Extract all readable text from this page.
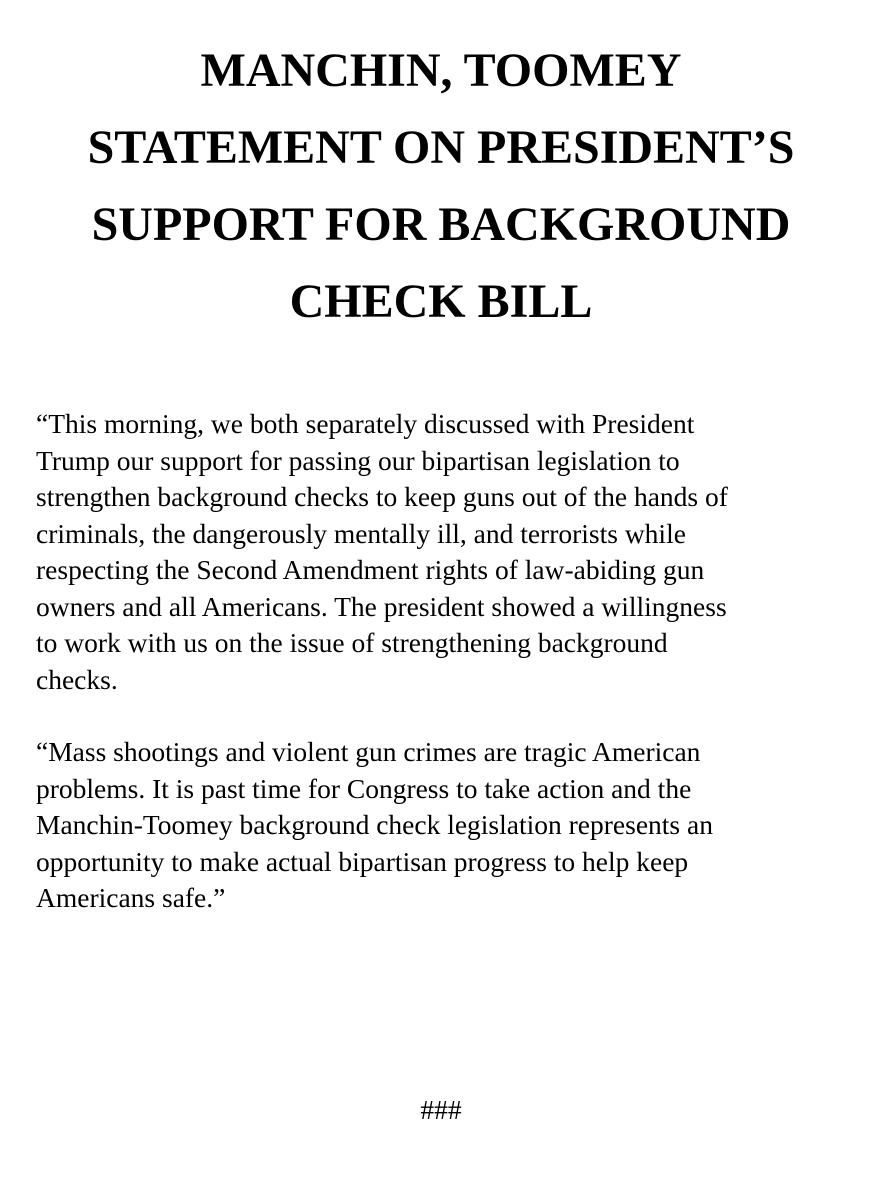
MANCHIN, TOOMEY
STATEMENT ON PRESIDENT’S
SUPPORT FOR BACKGROUND
CHECK BILL

“This morning, we both separately discussed with President
Trump our support for passing our bipartisan legislation to
strengthen background checks to keep guns out of the hands of
criminals, the dangerously mentally ill, and terrorists while
respecting the Second Amendment rights of law-abiding gun
owners and all Americans. The president showed a willingness
to work with us on the issue of strengthening background
checks.

“Mass shootings and violent gun crimes are tragic American
problems. It is past time for Congress to take action and the
Manchin-Toomey background check legislation represents an
opportunity to make actual bipartisan progress to help keep
Americans safe.”

###
